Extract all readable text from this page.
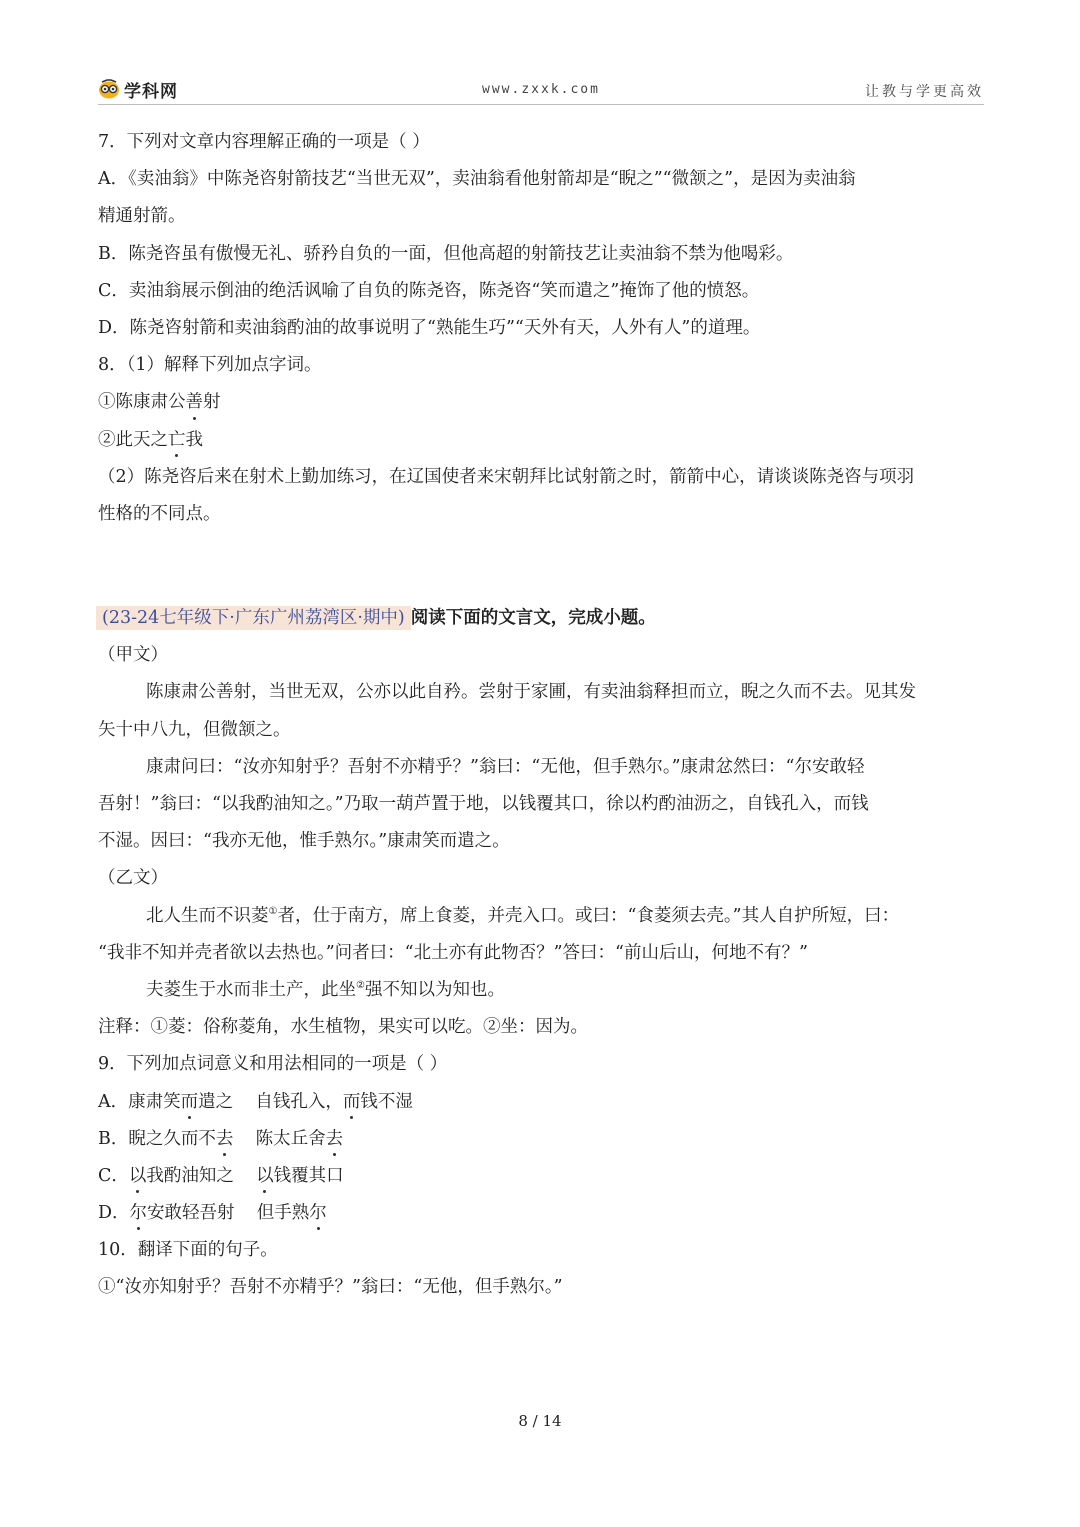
学科网	www.zxxk.com	让教与学更高效
7．下列对文章内容理解正确的一项是（ ）
A．《卖油翁》中陈尧咨射箭技艺“当世无双”，卖油翁看他射箭却是“睨之”“微颔之”，是因为卖油翁
精通射箭。
B．陈尧咨虽有傲慢无礼、骄矜自负的一面，但他高超的射箭技艺让卖油翁不禁为他喝彩。
C．卖油翁展示倒油的绝活讽喻了自负的陈尧咨，陈尧咨“笑而遣之”掩饰了他的愤怒。
D．陈尧咨射箭和卖油翁酌油的故事说明了“熟能生巧”“天外有天，人外有人”的道理。
8．（1）解释下列加点字词。
①陈康肃公善射
②此天之亡我
（2）陈尧咨后来在射术上勤加练习，在辽国使者来宋朝拜比试射箭之时，箭箭中心，请谈谈陈尧咨与项羽
性格的不同点。
(23-24七年级下·广东广州荔湾区·期中) 阅读下面的文言文，完成小题。
（甲文）
陈康肃公善射，当世无双，公亦以此自矜。尝射于家圃，有卖油翁释担而立，睨之久而不去。见其发
矢十中八九，但微颔之。
康肃问曰：“汝亦知射乎？吾射不亦精乎？”翁曰：“无他，但手熟尔。”康肃忿然曰：“尔安敢轻
吾射！”翁曰：“以我酌油知之。”乃取一葫芦置于地，以钱覆其口，徐以杓酌油沥之，自钱孔入，而钱
不湿。因曰：“我亦无他，惟手熟尔。”康肃笑而遣之。
（乙文）
北人生而不识菱①者，仕于南方，席上食菱，并壳入口。或曰：“食菱须去壳。”其人自护所短，曰：
“我非不知并壳者欲以去热也。”问者曰：“北土亦有此物否？”答曰：“前山后山，何地不有？”
夫菱生于水而非土产，此坐②强不知以为知也。
注释：①菱：俗称菱角，水生植物，果实可以吃。②坐：因为。
9．下列加点词意义和用法相同的一项是（ ）
A．康肃笑而遣之    自钱孔入，而钱不湿
B．睨之久而不去    陈太丘舍去
C．以我酌油知之    以钱覆其口
D．尔安敢轻吾射    但手熟尔
10．翻译下面的句子。
①“汝亦知射乎？吾射不亦精乎？”翁曰：“无他，但手熟尔。”
8 / 14
